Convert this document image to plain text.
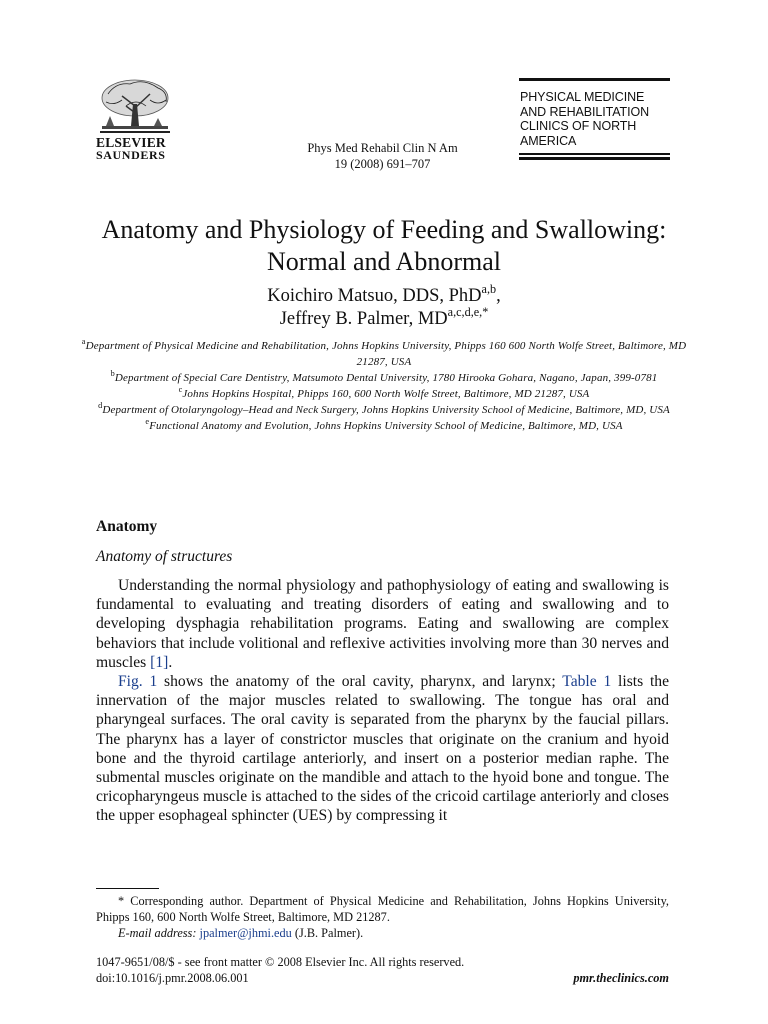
ELSEVIER
SAUNDERS	Phys Med Rehabil Clin N Am
19 (2008) 691–707
PHYSICAL MEDICINE AND REHABILITATION CLINICS OF NORTH AMERICA
Anatomy and Physiology of Feeding and Swallowing: Normal and Abnormal
Koichiro Matsuo, DDS, PhD$^{a,b}$,
Jeffrey B. Palmer, $MD^{a,c,d,e,*}$
$^a$Department of Physical Medicine and Rehabilitation, Johns Hopkins University, Phipps 160 600 North Wolfe Street, Baltimore, MD 21287, USA
$^b$Department of Special Care Dentistry, Matsumoto Dental University, 1780 Hirooka Gohara, Nagano, Japan, 399-0781
$^c$Johns Hopkins Hospital, Phipps 160, 600 North Wolfe Street, Baltimore, MD 21287, USA
$^d$Department of Otolaryngology–Head and Neck Surgery, Johns Hopkins University School of Medicine, Baltimore, MD, USA
$^e$Functional Anatomy and Evolution, Johns Hopkins University School of Medicine, Baltimore, MD, USA
Anatomy
Anatomy of structures

Understanding the normal physiology and pathophysiology of eating and swallowing is fundamental to evaluating and treating disorders of eating and swallowing and to developing dysphagia rehabilitation programs. Eating and swallowing are complex behaviors that include volitional and reflexive activities involving more than 30 nerves and muscles [1].

Fig. 1 shows the anatomy of the oral cavity, pharynx, and larynx; Table 1 lists the innervation of the major muscles related to swallowing. The tongue has oral and pharyngeal surfaces. The oral cavity is separated from the pharynx by the faucial pillars. The pharynx has a layer of constrictor muscles that originate on the cranium and hyoid bone and the thyroid cartilage anteriorly, and insert on a posterior median raphe. The submental muscles originate on the mandible and attach to the hyoid bone and tongue. The cricopharyngeus muscle is attached to the sides of the cricoid cartilage anteriorly and closes the upper esophageal sphincter (UES) by compressing it

* Corresponding author. Department of Physical Medicine and Rehabilitation, Johns Hopkins University, Phipps 160, 600 North Wolfe Street, Baltimore, MD 21287.

E-mail address: jpalmer@jhmi.edu (J.B. Palmer).

1047-9651/08/$ - see front matter © 2008 Elsevier Inc. All rights reserved.
doi:10.1016/j.pmr.2008.06.001	pmr.theclinics.com
